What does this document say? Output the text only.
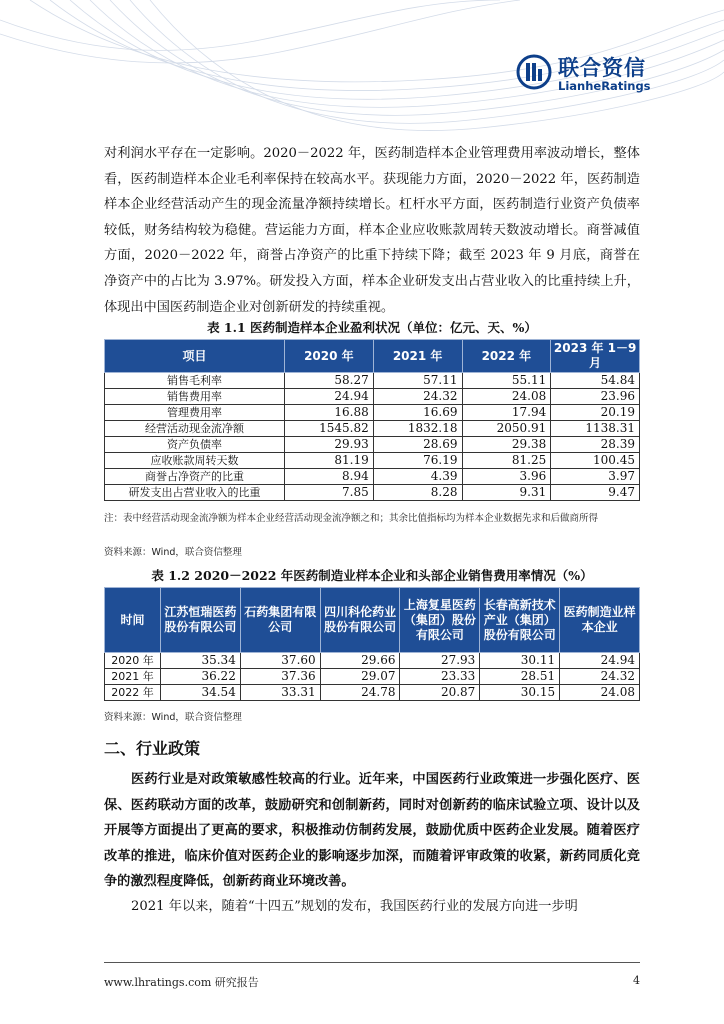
联合资信
LianheRatings

对利润水平存在一定影响。2020－2022 年，医药制造样本企业管理费用率波动增长，整体看，医药制造样本企业毛利率保持在较高水平。获现能力方面，2020－2022 年，医药制造样本企业经营活动产生的现金流量净额持续增长。杠杆水平方面，医药制造行业资产负债率较低，财务结构较为稳健。营运能力方面，样本企业应收账款周转天数波动增长。商誉减值方面，2020－2022 年，商誉占净资产的比重下持续下降；截至 2023 年 9 月底，商誉在净资产中的占比为 3.97%。研发投入方面，样本企业研发支出占营业收入的比重持续上升，体现出中国医药制造企业对创新研发的持续重视。

表 1.1 医药制造样本企业盈利状况（单位：亿元、天、%）
项目	2020 年	2021 年	2022 年	2023 年 1－9 月
销售毛利率	58.27	57.11	55.11	54.84
销售费用率	24.94	24.32	24.08	23.96
管理费用率	16.88	16.69	17.94	20.19
经营活动现金流净额	1545.82	1832.18	2050.91	1138.31
资产负债率	29.93	28.69	29.38	28.39
应收账款周转天数	81.19	76.19	81.25	100.45
商誉占净资产的比重	8.94	4.39	3.96	3.97
研发支出占营业收入的比重	7.85	8.28	9.31	9.47

注：表中经营活动现金流净额为样本企业经营活动现金流净额之和；其余比值指标均为样本企业数据先求和后做商所得

资料来源：Wind，联合资信整理

表 1.2 2020－2022 年医药制造业样本企业和头部企业销售费用率情况（%）
时间	江苏恒瑞医药股份有限公司	石药集团有限公司	四川科伦药业股份有限公司	上海复星医药（集团）股份有限公司	长春高新技术产业（集团）股份有限公司	医药制造业样本企业
2020 年	35.34	37.60	29.66	27.93	30.11	24.94
2021 年	36.22	37.36	29.07	23.33	28.51	24.32
2022 年	34.54	33.31	24.78	20.87	30.15	24.08

资料来源：Wind，联合资信整理

二、行业政策

医药行业是对政策敏感性较高的行业。近年来，中国医药行业政策进一步强化医疗、医保、医药联动方面的改革，鼓励研究和创制新药，同时对创新药的临床试验立项、设计以及开展等方面提出了更高的要求，积极推动仿制药发展，鼓励优质中医药企业发展。随着医疗改革的推进，临床价值对医药企业的影响逐步加深，而随着评审政策的收紧，新药同质化竞争的激烈程度降低，创新药商业环境改善。

2021 年以来，随着“十四五”规划的发布，我国医药行业的发展方向进一步明

www.lhratings.com 研究报告	4
